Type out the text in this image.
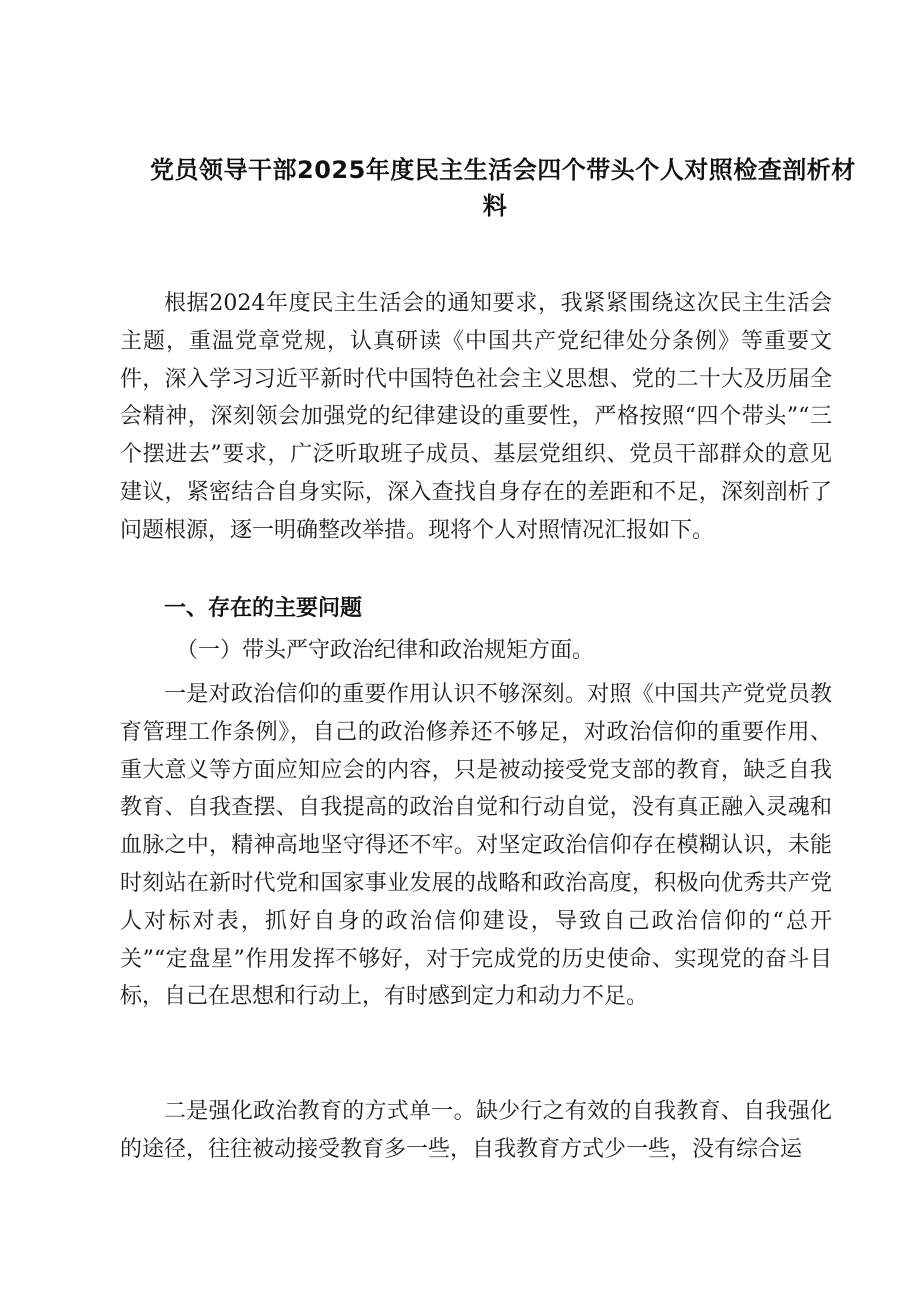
党员领导干部2025年度民主生活会四个带头个人对照检查剖析材
料

根据2024年度民主生活会的通知要求，我紧紧围绕这次民主生活会主题，重温党章党规，认真研读《中国共产党纪律处分条例》等重要文件，深入学习习近平新时代中国特色社会主义思想、党的二十大及历届全会精神，深刻领会加强党的纪律建设的重要性，严格按照“四个带头”“三个摆进去”要求，广泛听取班子成员、基层党组织、党员干部群众的意见建议，紧密结合自身实际，深入查找自身存在的差距和不足，深刻剖析了问题根源，逐一明确整改举措。现将个人对照情况汇报如下。

一、存在的主要问题
（一）带头严守政治纪律和政治规矩方面。

一是对政治信仰的重要作用认识不够深刻。对照《中国共产党党员教育管理工作条例》，自己的政治修养还不够足，对政治信仰的重要作用、重大意义等方面应知应会的内容，只是被动接受党支部的教育，缺乏自我教育、自我查摆、自我提高的政治自觉和行动自觉，没有真正融入灵魂和血脉之中，精神高地坚守得还不牢。对坚定政治信仰存在模糊认识，未能时刻站在新时代党和国家事业发展的战略和政治高度，积极向优秀共产党人对标对表，抓好自身的政治信仰建设，导致自己政治信仰的“总开关”“定盘星”作用发挥不够好，对于完成党的历史使命、实现党的奋斗目标，自己在思想和行动上，有时感到定力和动力不足。

二是强化政治教育的方式单一。缺少行之有效的自我教育、自我强化的途径，往往被动接受教育多一些，自我教育方式少一些，没有综合运
